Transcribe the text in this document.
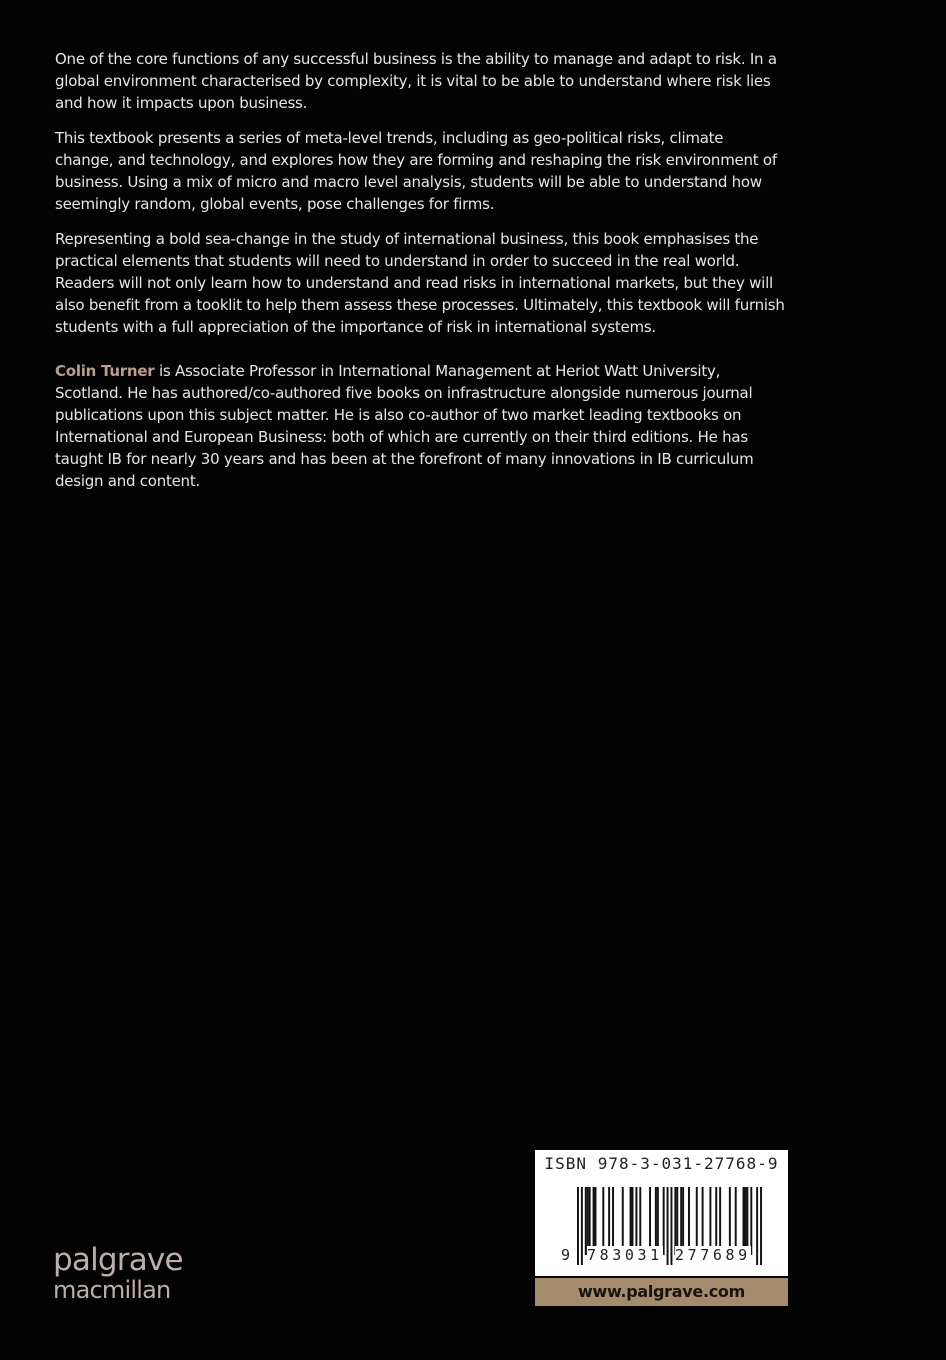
One of the core functions of any successful business is the ability to manage and adapt to risk. In a global environment characterised by complexity, it is vital to be able to understand where risk lies and how it impacts upon business.

This textbook presents a series of meta-level trends, including as geo-political risks, climate change, and technology, and explores how they are forming and reshaping the risk environment of business. Using a mix of micro and macro level analysis, students will be able to understand how seemingly random, global events, pose challenges for firms.

Representing a bold sea-change in the study of international business, this book emphasises the practical elements that students will need to understand in order to succeed in the real world. Readers will not only learn how to understand and read risks in international markets, but they will also benefit from a tooklit to help them assess these processes. Ultimately, this textbook will furnish students with a full appreciation of the importance of risk in international systems.

Colin Turner is Associate Professor in International Management at Heriot Watt University, Scotland. He has authored/co-authored five books on infrastructure alongside numerous journal publications upon this subject matter. He is also co-author of two market leading textbooks on International and European Business: both of which are currently on their third editions. He has taught IB for nearly 30 years and has been at the forefront of many innovations in IB curriculum design and content.

ISBN 978-3-031-27768-9
9 783031 277689
www.palgrave.com
palgrave
macmillan
